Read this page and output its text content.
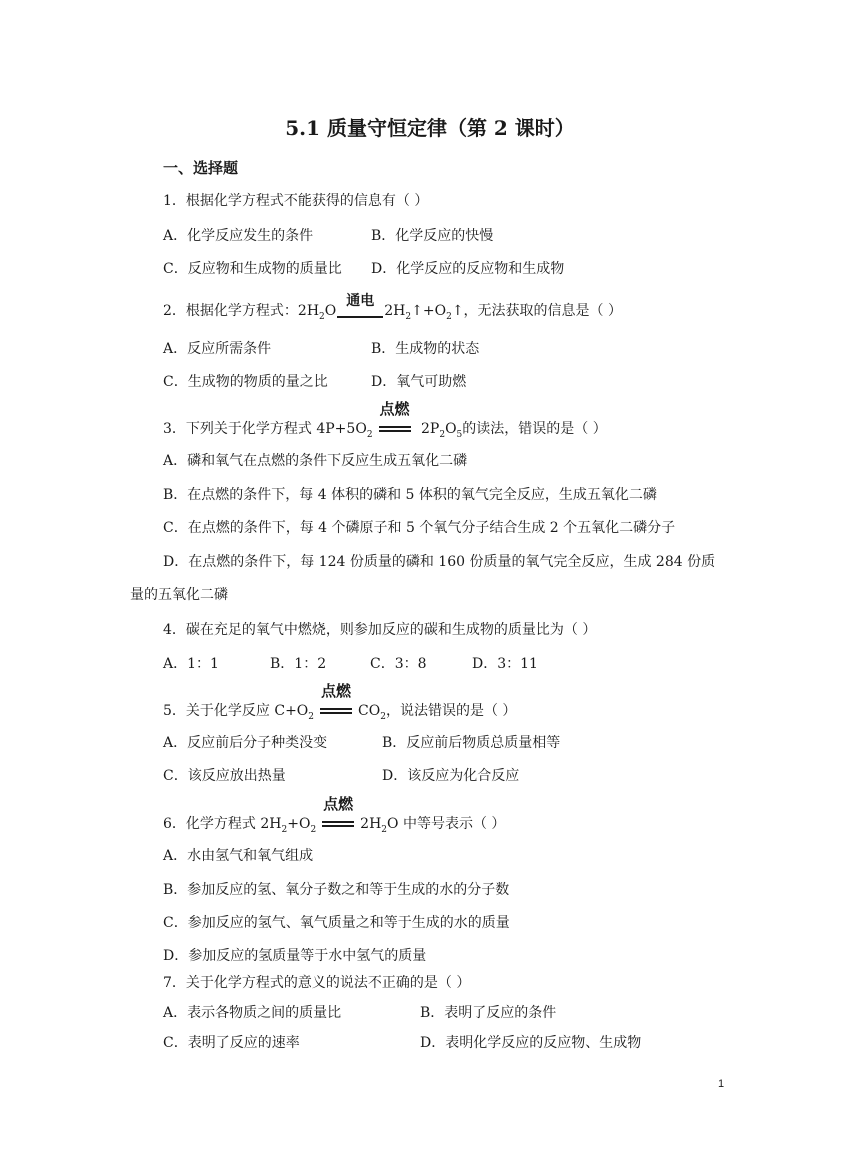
5.1 质量守恒定律（第 2 课时）
一、选择题
1．根据化学方程式不能获得的信息有（ ）
A．化学反应发生的条件	B．化学反应的快慢
C．反应物和生成物的质量比 D．化学反应的反应物和生成物
2．根据化学方程式：$2H_2O$
通电
$2H_2↑+O_2↑$，无法获取的信息是（ ）
A．反应所需条件	B．生成物的状态
C．生成物的物质的量之比	D．氧气可助燃
3．下列关于化学方程式 $4P+5O_2$
点燃
$2P_2O_5$的读法，错误的是（ ）
A．磷和氧气在点燃的条件下反应生成五氧化二磷
B．在点燃的条件下，每 4 体积的磷和 5 体积的氧气完全反应，生成五氧化二磷
C．在点燃的条件下，每 4 个磷原子和 5 个氧气分子结合生成 2 个五氧化二磷分子
D．在点燃的条件下，每 124 份质量的磷和 160 份质量的氧气完全反应，生成 284 份质
量的五氧化二磷
4．碳在充足的氧气中燃烧，则参加反应的碳和生成物的质量比为（ ）
A．1：1	B．1：2	C．3：8	D．3：11
5．关于化学反应 $C+O_2$
点燃
$CO_2$，说法错误的是（ ）
A．反应前后分子种类没变	B．反应前后物质总质量相等
C．该反应放出热量	D．该反应为化合反应
6．化学方程式 $2H_2+O_2$
点燃
$2H_2O$ 中等号表示（ ）
A．水由氢气和氧气组成
B．参加反应的氢、氧分子数之和等于生成的水的分子数
C．参加反应的氢气、氧气质量之和等于生成的水的质量
D．参加反应的氢质量等于水中氢气的质量
7．关于化学方程式的意义的说法不正确的是（ ）
A．表示各物质之间的质量比	B．表明了反应的条件
C．表明了反应的速率	D．表明化学反应的反应物、生成物
1
